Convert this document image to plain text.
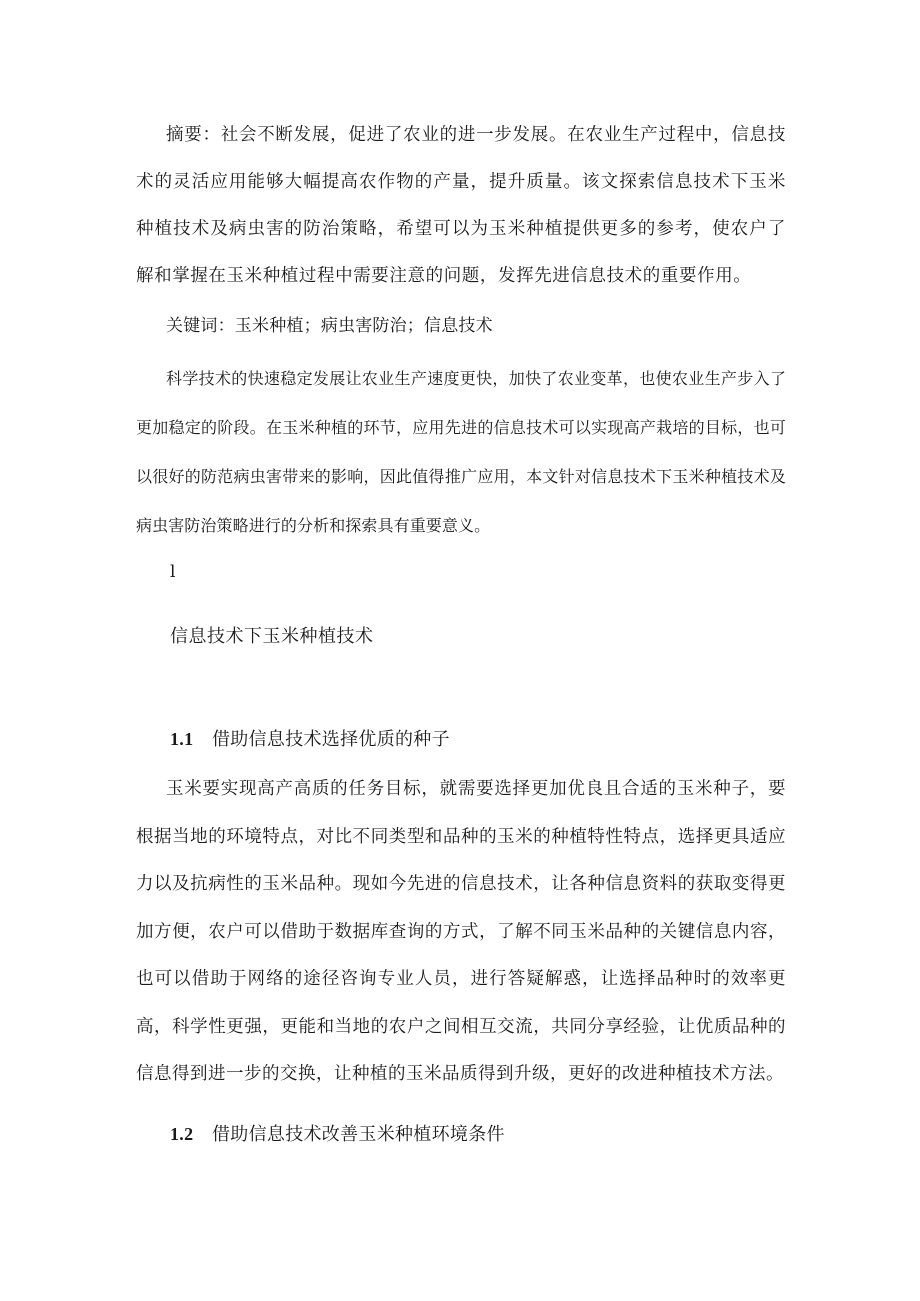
摘要：社会不断发展，促进了农业的进一步发展。在农业生产过程中，信息技术的灵活应用能够大幅提高农作物的产量，提升质量。该文探索信息技术下玉米种植技术及病虫害的防治策略，希望可以为玉米种植提供更多的参考，使农户了解和掌握在玉米种植过程中需要注意的问题，发挥先进信息技术的重要作用。

关键词：玉米种植；病虫害防治；信息技术

科学技术的快速稳定发展让农业生产速度更快，加快了农业变革，也使农业生产步入了更加稳定的阶段。在玉米种植的环节，应用先进的信息技术可以实现高产栽培的目标，也可以很好的防范病虫害带来的影响，因此值得推广应用，本文针对信息技术下玉米种植技术及病虫害防治策略进行的分析和探索具有重要意义。

l

信息技术下玉米种植技术
1.1 借助信息技术选择优质的种子

玉米要实现高产高质的任务目标，就需要选择更加优良且合适的玉米种子，要根据当地的环境特点，对比不同类型和品种的玉米的种植特性特点，选择更具适应力以及抗病性的玉米品种。现如今先进的信息技术，让各种信息资料的获取变得更加方便，农户可以借助于数据库查询的方式，了解不同玉米品种的关键信息内容，也可以借助于网络的途径咨询专业人员，进行答疑解惑，让选择品种时的效率更高，科学性更强，更能和当地的农户之间相互交流，共同分享经验，让优质品种的信息得到进一步的交换，让种植的玉米品质得到升级，更好的改进种植技术方法。

1.2 借助信息技术改善玉米种植环境条件
